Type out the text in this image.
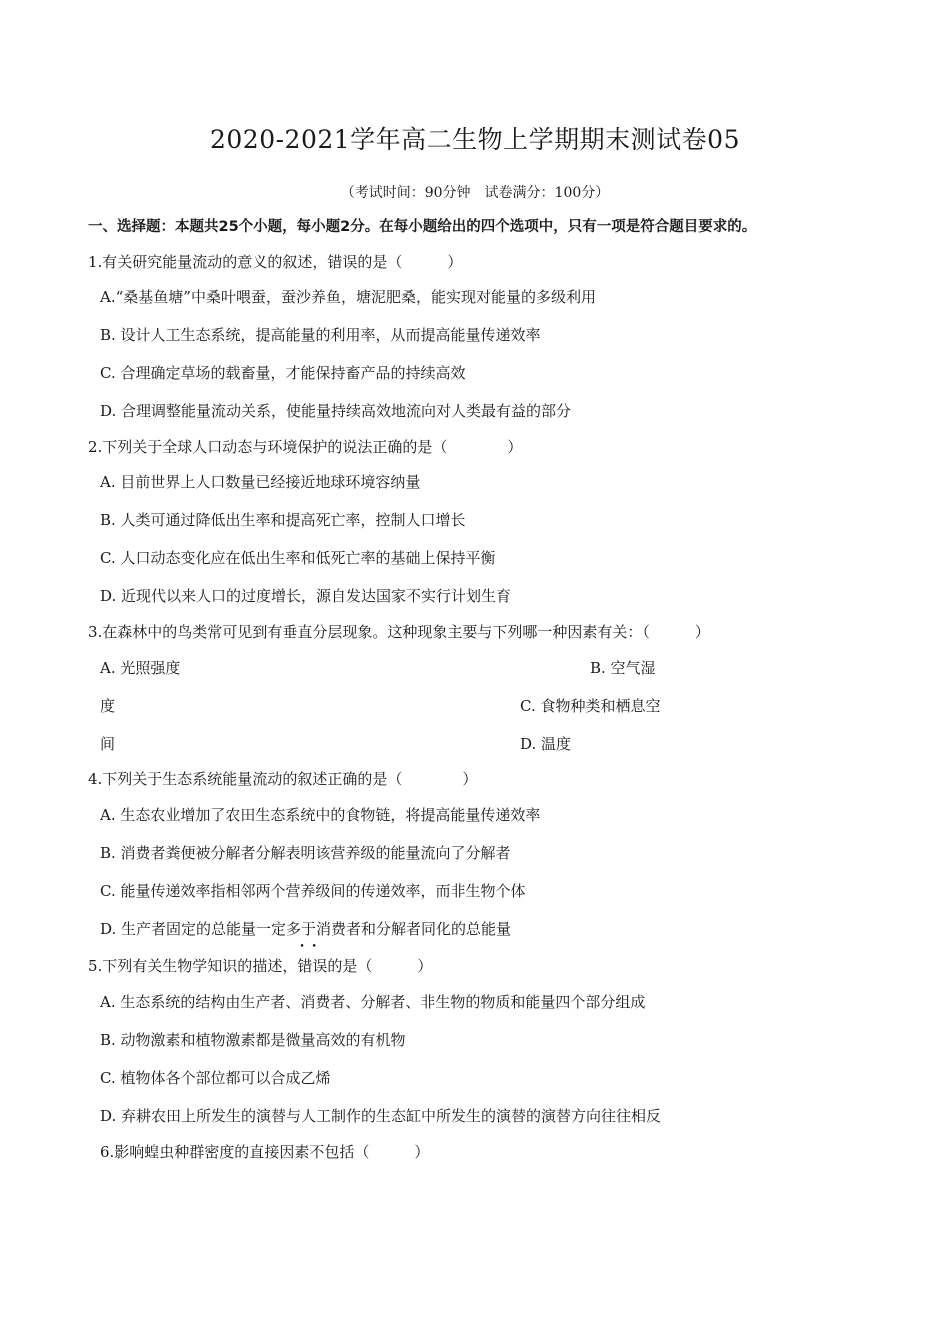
2020-2021学年高二生物上学期期末测试卷05
（考试时间：90分钟　试卷满分：100分）
一、选择题：本题共25个小题，每小题2分。在每小题给出的四个选项中，只有一项是符合题目要求的。
1.有关研究能量流动的意义的叙述，错误的是（　　　）
A.“桑基鱼塘”中桑叶喂蚕，蚕沙养鱼，塘泥肥桑，能实现对能量的多级利用
B. 设计人工生态系统，提高能量的利用率，从而提高能量传递效率
C. 合理确定草场的载畜量，才能保持畜产品的持续高效
D. 合理调整能量流动关系，使能量持续高效地流向对人类最有益的部分
2.下列关于全球人口动态与环境保护的说法正确的是（　　　　）
A. 目前世界上人口数量已经接近地球环境容纳量
B. 人类可通过降低出生率和提高死亡率，控制人口增长
C. 人口动态变化应在低出生率和低死亡率的基础上保持平衡
D. 近现代以来人口的过度增长，源自发达国家不实行计划生育
3.在森林中的鸟类常可见到有垂直分层现象。这种现象主要与下列哪一种因素有关：（　　　）
A. 光照强度	B. 空气湿
度	C. 食物种类和栖息空
间	D. 温度
4.下列关于生态系统能量流动的叙述正确的是（　　　　）
A. 生态农业增加了农田生态系统中的食物链，将提高能量传递效率
B. 消费者粪便被分解者分解表明该营养级的能量流向了分解者
C. 能量传递效率指相邻两个营养级间的传递效率，而非生物个体
D. 生产者固定的总能量一定多于消费者和分解者同化的总能量
5.下列有关生物学知识的描述，• • 错误的是（　　　）
A. 生态系统的结构由生产者、消费者、分解者、非生物的物质和能量四个部分组成
B. 动物激素和植物激素都是微量高效的有机物
C. 植物体各个部位都可以合成乙烯
D. 弃耕农田上所发生的演替与人工制作的生态缸中所发生的演替的演替方向往往相反
6.影响蝗虫种群密度的直接因素不包括（　　　）
